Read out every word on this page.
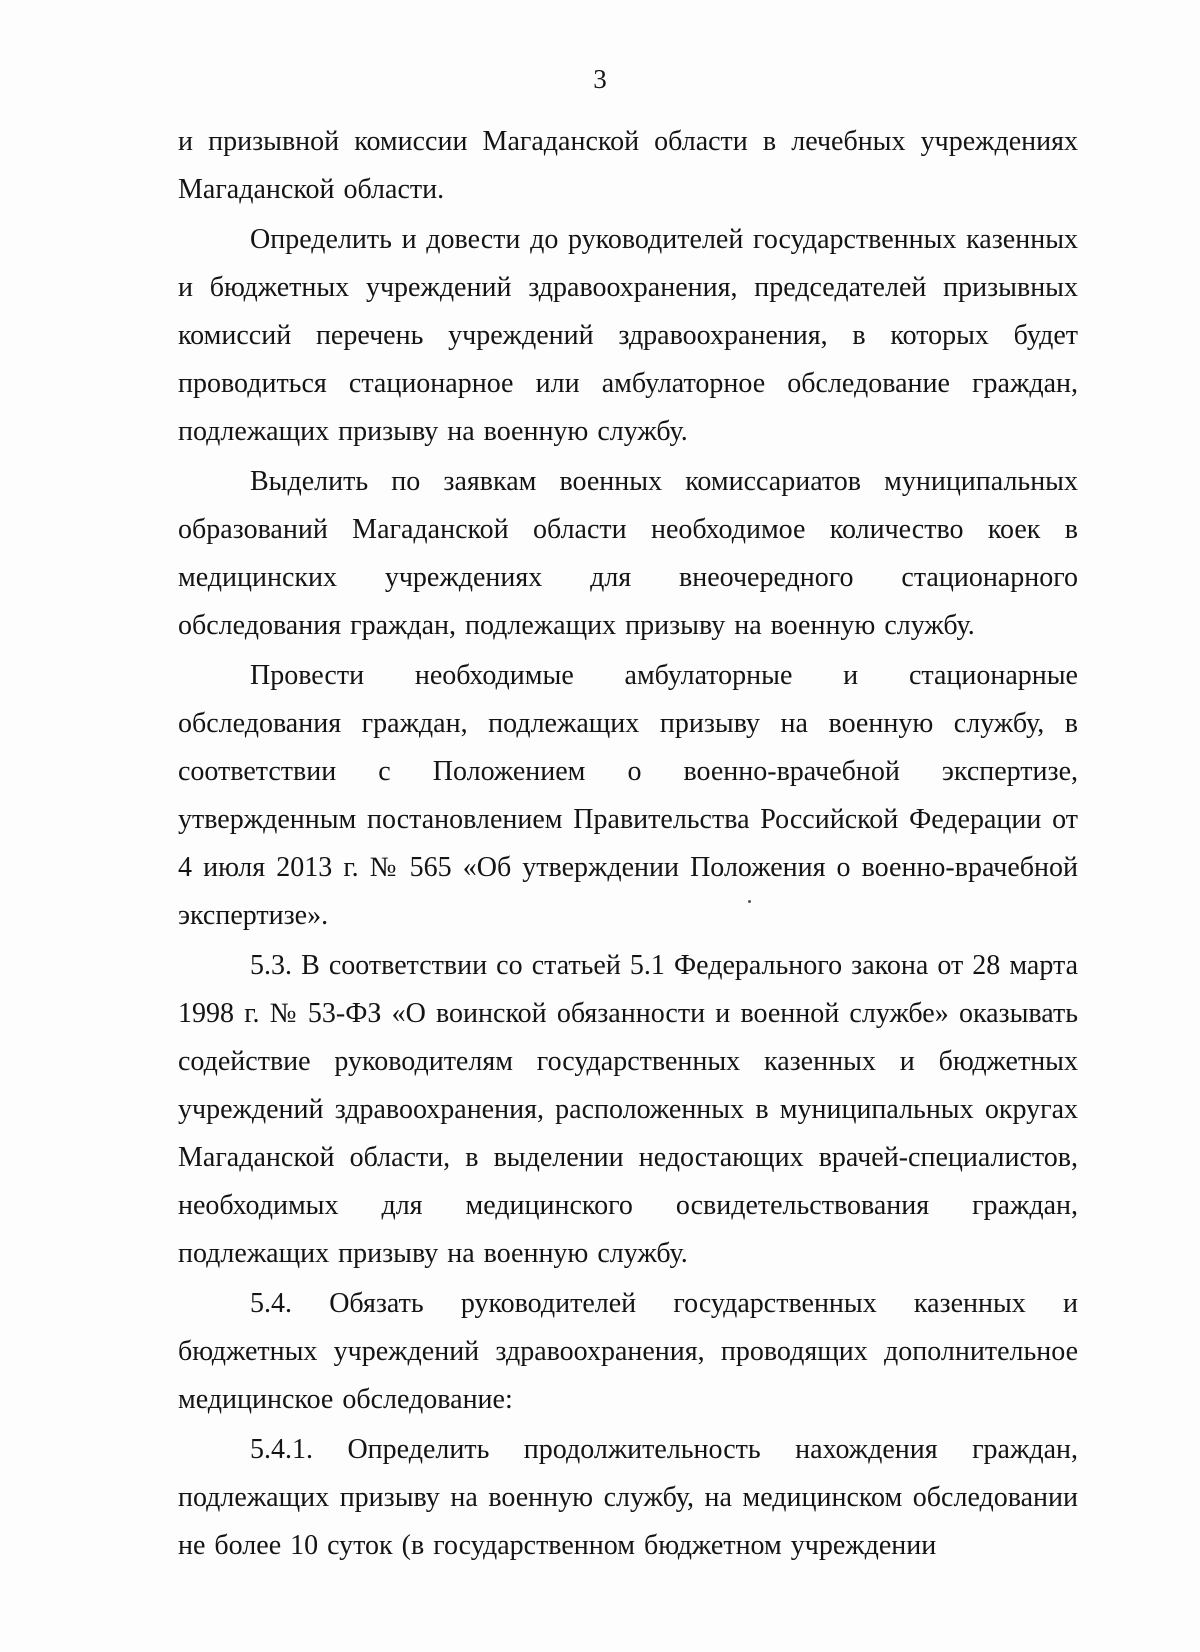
3

и призывной комиссии Магаданской области в лечебных учреждениях Магаданской области.

Определить и довести до руководителей государственных казенных и бюджетных учреждений здравоохранения, председателей призывных комиссий перечень учреждений здравоохранения, в которых будет проводиться стационарное или амбулаторное обследование граждан, подлежащих призыву на военную службу.

Выделить по заявкам военных комиссариатов муниципальных образований Магаданской области необходимое количество коек в медицинских учреждениях для внеочередного стационарного обследования граждан, подлежащих призыву на военную службу.

Провести необходимые амбулаторные и стационарные обследования граждан, подлежащих призыву на военную службу, в соответствии с Положением о военно-врачебной экспертизе, утвержденным постановлением Правительства Российской Федерации от 4 июля 2013 г. № 565 «Об утверждении Положения о военно-врачебной экспертизе».

5.3. В соответствии со статьей 5.1 Федерального закона от 28 марта 1998 г. № 53-ФЗ «О воинской обязанности и военной службе» оказывать содействие руководителям государственных казенных и бюджетных учреждений здравоохранения, расположенных в муниципальных округах Магаданской области, в выделении недостающих врачей-специалистов, необходимых для медицинского освидетельствования граждан, подлежащих призыву на военную службу.

5.4. Обязать руководителей государственных казенных и бюджетных учреждений здравоохранения, проводящих дополнительное медицинское обследование:

5.4.1. Определить продолжительность нахождения граждан, подлежащих призыву на военную службу, на медицинском обследовании не более 10 суток (в государственном бюджетном учреждении
